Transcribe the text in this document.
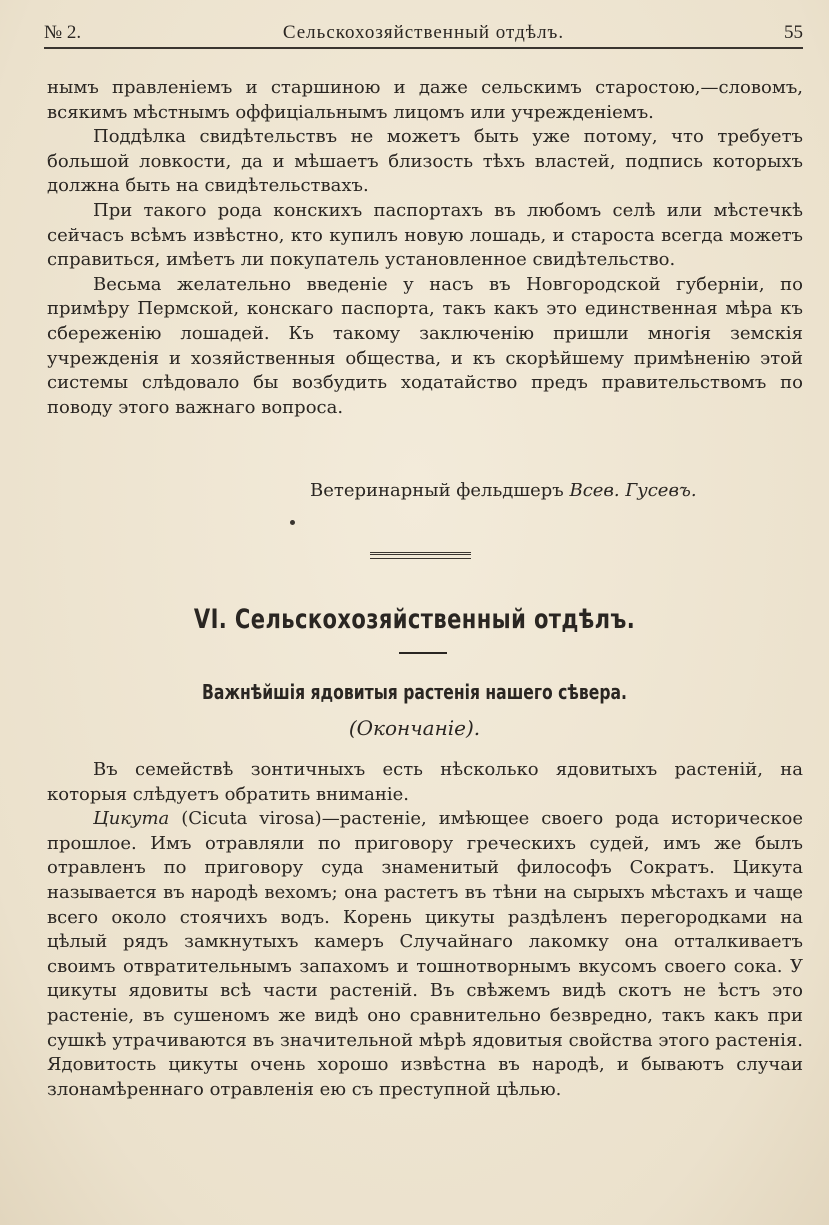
№ 2.	Сельскохозяйственный отдѣлъ.	55

нымъ правленіемъ и старшиною и даже сельскимъ старостою,—словомъ, всякимъ мѣстнымъ оффиціальнымъ лицомъ или учрежденіемъ.

Поддѣлка свидѣтельствъ не можетъ быть уже потому, что требуетъ большой ловкости, да и мѣшаетъ близость тѣхъ властей, подпись которыхъ должна быть на свидѣтельствахъ.

При такого рода конскихъ паспортахъ въ любомъ селѣ или мѣстечкѣ сейчасъ всѣмъ извѣстно, кто купилъ новую лошадь, и староста всегда можетъ справиться, имѣетъ ли покупатель установленное свидѣтельство.

Весьма желательно введеніе у насъ въ Новгородской губерніи, по примѣру Пермской, конскаго паспорта, такъ какъ это единственная мѣра къ сбереженію лошадей. Къ такому заключенію пришли многія земскія учрежденія и хозяйственныя общества, и къ скорѣйшему примѣненію этой системы слѣдовало бы возбудить ходатайство предъ правительствомъ по поводу этого важнаго вопроса.

Ветеринарный фельдшеръ Всев. Гусевъ.
VI. Сельскохозяйственный отдѣлъ.
Важнѣйшія ядовитыя растенія нашего сѣвера.
(Окончаніе).

Въ семействѣ зонтичныхъ есть нѣсколько ядовитыхъ растеній, на которыя слѣдуетъ обратить вниманіе.

Цикута (Cicuta virosa)—растеніе, имѣющее своего рода историческое прошлое. Имъ отравляли по приговору греческихъ судей, имъ же былъ отравленъ по приговору суда знаменитый философъ Сократъ. Цикута называется въ народѣ вехомъ; она растетъ въ тѣни на сырыхъ мѣстахъ и чаще всего около стоячихъ водъ. Корень цикуты раздѣленъ перегородками на цѣлый рядъ замкнутыхъ камеръ Случайнаго лакомку она отталкиваетъ своимъ отвратительнымъ запахомъ и тошнотворнымъ вкусомъ своего сока. У цикуты ядовиты всѣ части растеній. Въ свѣжемъ видѣ скотъ не ѣстъ это растеніе, въ сушеномъ же видѣ оно сравнительно безвредно, такъ какъ при сушкѣ утрачиваются въ значительной мѣрѣ ядовитыя свойства этого растенія. Ядовитость цикуты очень хорошо извѣстна въ народѣ, и бываютъ случаи злонамѣреннаго отравленія ею съ преступной цѣлью.
